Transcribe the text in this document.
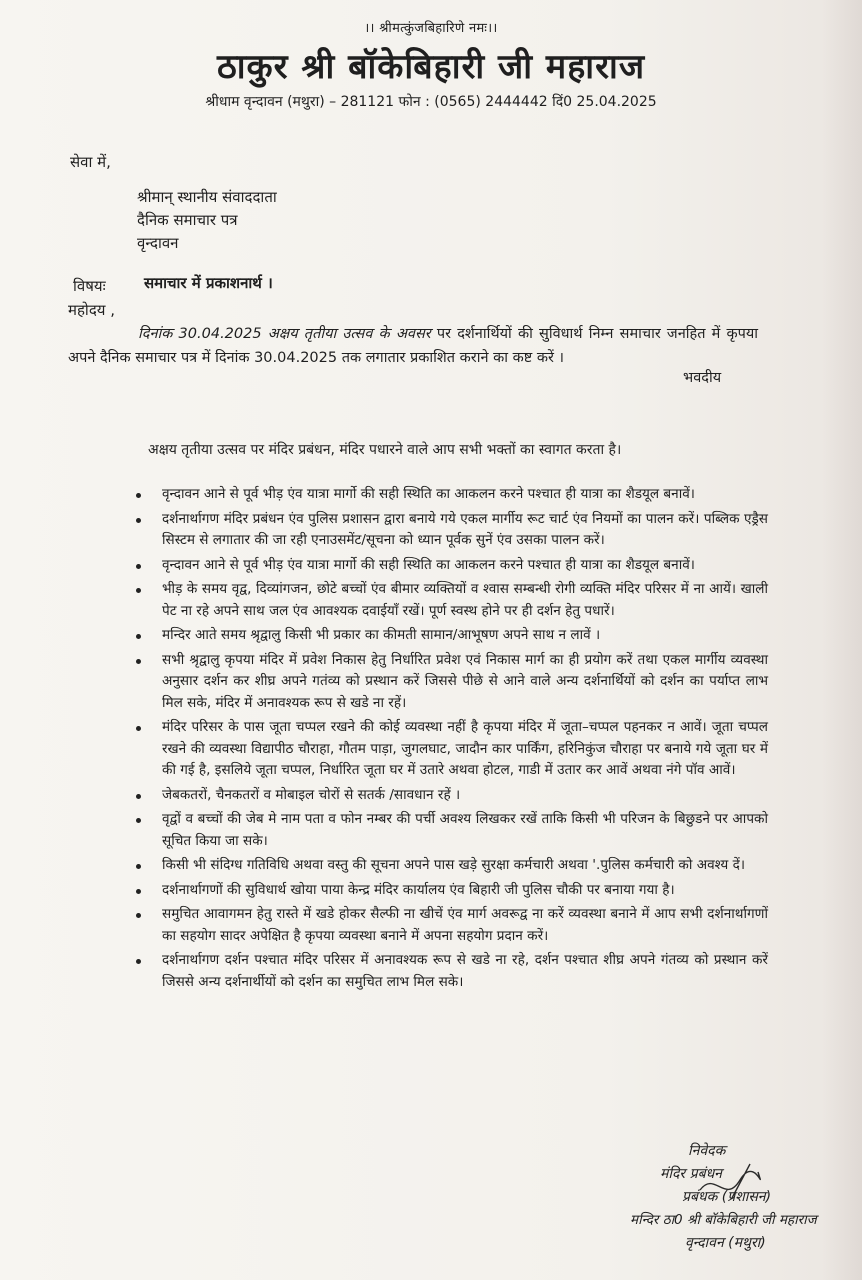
।। श्रीमत्कुंजबिहारिणे नमः।।
ठाकुर श्री बॉकेबिहारी जी महाराज
श्रीधाम वृन्दावन (मथुरा) – 281121 फोन : (0565) 2444442 दिं0 25.04.2025
सेवा में,
श्रीमान् स्थानीय संवाददाता
दैनिक समाचार पत्र
वृन्दावन
विषयः	समाचार में प्रकाशनार्थ ।
महोदय ,
दिनांक 30.04.2025 अक्षय तृतीया उत्सव के अवसर पर दर्शनार्थियों की सुविधार्थ निम्न समाचार जनहित में कृपया अपने दैनिक समाचार पत्र में दिनांक 30.04.2025 तक लगातार प्रकाशित कराने का कष्ट करें ।
भवदीय
अक्षय तृतीया उत्सव पर मंदिर प्रबंधन, मंदिर पधारने वाले आप सभी भक्तों का स्वागत करता है।
वृन्दावन आने से पूर्व भीड़ एंव यात्रा मार्गो की सही स्थिति का आकलन करने पश्चात ही यात्रा का शैडयूल बनावें।
दर्शनार्थागण मंदिर प्रबंधन एंव पुलिस प्रशासन द्वारा बनाये गये एकल मार्गीय रूट चार्ट एंव नियमों का पालन करें। पब्लिक एड्रैस सिस्टम से लगातार की जा रही एनाउसमेंट/सूचना को ध्यान पूर्वक सुनें एंव उसका पालन करें।
वृन्दावन आने से पूर्व भीड़ एंव यात्रा मार्गो की सही स्थिति का आकलन करने पश्चात ही यात्रा का शैडयूल बनावें।
भीड़ के समय वृद्व, दिव्यांगजन, छोटे बच्चों एंव बीमार व्यक्तियों व श्वास सम्बन्धी रोगी व्यक्ति मंदिर परिसर में ना आयें। खाली पेट ना रहे अपने साथ जल एंव आवश्यक दवाईयाँ रखें। पूर्ण स्वस्थ होने पर ही दर्शन हेतु पधारें।
मन्दिर आते समय श्रृद्वालु किसी भी प्रकार का कीमती सामान/आभूषण अपने साथ न लावें ।
सभी श्रृद्वालु कृपया मंदिर में प्रवेश निकास हेतु निर्धारित प्रवेश एवं निकास मार्ग का ही प्रयोग करें तथा एकल मार्गीय व्यवस्था अनुसार दर्शन कर शीघ्र अपने गतंव्य को प्रस्थान करें जिससे पीछे से आने वाले अन्य दर्शनार्थियों को दर्शन का पर्याप्त लाभ मिल सके, मंदिर में अनावश्यक रूप से खडे ना रहें।
मंदिर परिसर के पास जूता चप्पल रखने की कोई व्यवस्था नहीं है कृपया मंदिर में जूता–चप्पल पहनकर न आवें। जूता चप्पल रखने की व्यवस्था विद्यापीठ चौराहा, गौतम पाड़ा, जुगलघाट, जादौन कार पार्किंग, हरिनिकुंज चौराहा पर बनाये गये जूता घर में की गई है, इसलिये जूता चप्पल, निर्धारित जूता घर में उतारे अथवा होटल, गाडी में उतार कर आवें अथवा नंगे पॉव आवें।
जेबकतरों, चैनकतरों व मोबाइल चोरों से सतर्क /सावधान रहें ।
वृद्वों व बच्चों की जेब मे नाम पता व फोन नम्बर की पर्ची अवश्य लिखकर रखें ताकि किसी भी परिजन के बिछुडने पर आपको सूचित किया जा सके।
किसी भी संदिग्ध गतिविधि अथवा वस्तु की सूचना अपने पास खड़े सुरक्षा कर्मचारी अथवा '.पुलिस कर्मचारी को अवश्य दें।
दर्शनार्थागणों की सुविधार्थ खोया पाया केन्द्र मंदिर कार्यालय एंव बिहारी जी पुलिस चौकी पर बनाया गया है।
समुचित आवागमन हेतु रास्ते में खडे होकर सैल्फी ना खीचें एंव मार्ग अवरूद्व ना करें व्यवस्था बनाने में आप सभी दर्शनार्थागणों का सहयोग सादर अपेक्षित है कृपया व्यवस्था बनाने में अपना सहयोग प्रदान करें।
दर्शनार्थागण दर्शन पश्चात मंदिर परिसर में अनावश्यक रूप से खडे ना रहे, दर्शन पश्चात शीघ्र अपने गंतव्य को प्रस्थान करें जिससे अन्य दर्शनार्थीयों को दर्शन का समुचित लाभ मिल सके।
निवेदक
मंदिर प्रबंधन
प्रबंधक (प्रशासन)
मन्दिर ठा0 श्री बॉकेबिहारी जी महाराज
वृन्दावन (मथुरा)
